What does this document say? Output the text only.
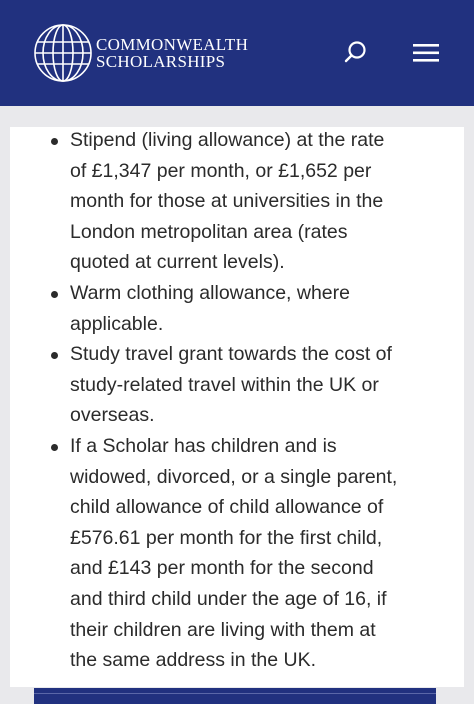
COMMONWEALTH
SCHOLARSHIPS
Stipend (living allowance) at the rate
of £1,347 per month, or £1,652 per
month for those at universities in the
London metropolitan area (rates
quoted at current levels).
Warm clothing allowance, where
applicable.
Study travel grant towards the cost of
study-related travel within the UK or
overseas.
If a Scholar has children and is
widowed, divorced, or a single parent,
child allowance of child allowance of
£576.61 per month for the first child,
and £143 per month for the second
and third child under the age of 16, if
their children are living with them at
the same address in the UK.
